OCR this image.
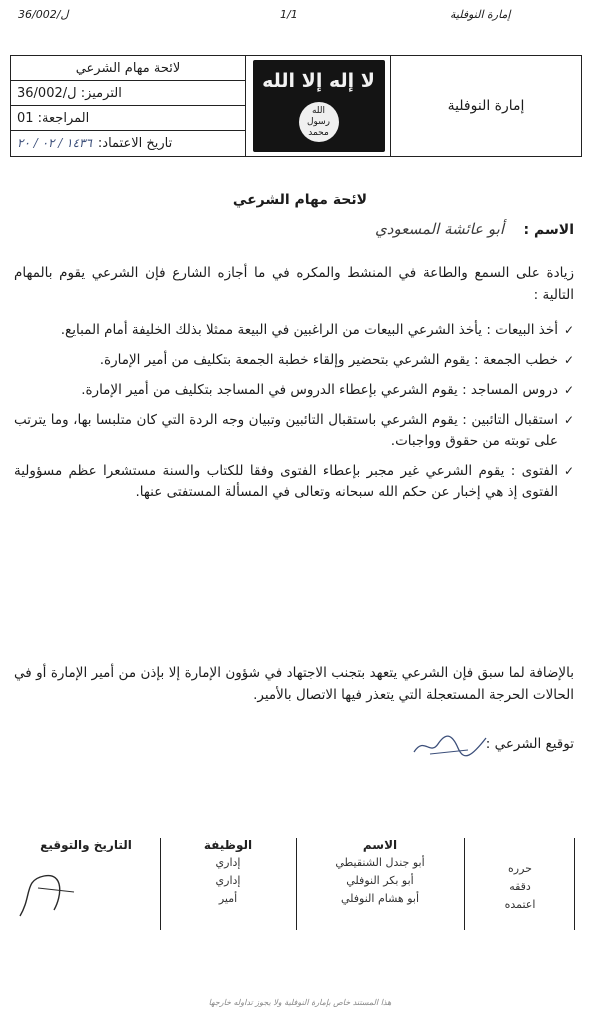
36/002/ل	1/1	إمارة النوفلية
إمارة النوفلية
لا إله إلا الله
الله
رسول
محمد
لائحة مهام الشرعي
الترميز: ل/36/002
المراجعة: 01
تاريخ الاعتماد:
١٤٣٦ / ٠٢ / ٢٠
لائحة مهام الشرعي
الاسم :
أبو عائشة المسعودي
زيادة على السمع والطاعة في المنشط والمكره في ما أجازه الشارع فإن الشرعي يقوم بالمهام التالية :
✓
أخذ البيعات : يأخذ الشرعي البيعات من الراغبين في البيعة ممثلا بذلك الخليفة أمام المبايع.
✓
خطب الجمعة : يقوم الشرعي بتحضير وإلقاء خطبة الجمعة بتكليف من أمير الإمارة.
✓
دروس المساجد : يقوم الشرعي بإعطاء الدروس في المساجد بتكليف من أمير الإمارة.
✓
استقبال التائبين : يقوم الشرعي باستقبال التائبين وتبيان وجه الردة التي كان متلبسا بها، وما يترتب على توبته من حقوق وواجبات.
✓
الفتوى : يقوم الشرعي غير مجبر بإعطاء الفتوى وفقا للكتاب والسنة مستشعرا عظم مسؤولية الفتوى إذ هي إخبار عن حكم الله سبحانه وتعالى في المسألة المستفتى عنها.
بالإضافة لما سبق فإن الشرعي يتعهد بتجنب الاجتهاد في شؤون الإمارة إلا بإذن من أمير الإمارة أو في الحالات الحرجة المستعجلة التي يتعذر فيها الاتصال بالأمير.
توقيع الشرعي :
حرره
دققه
اعتمده
الاسم
أبو جندل الشنقيطي
أبو بكر النوفلي
أبو هشام النوفلي
الوظيفة
إداري
إداري
أمير
التاريخ والتوقيع
هذا المستند خاص بإمارة النوفلية ولا يجوز تداوله خارجها
